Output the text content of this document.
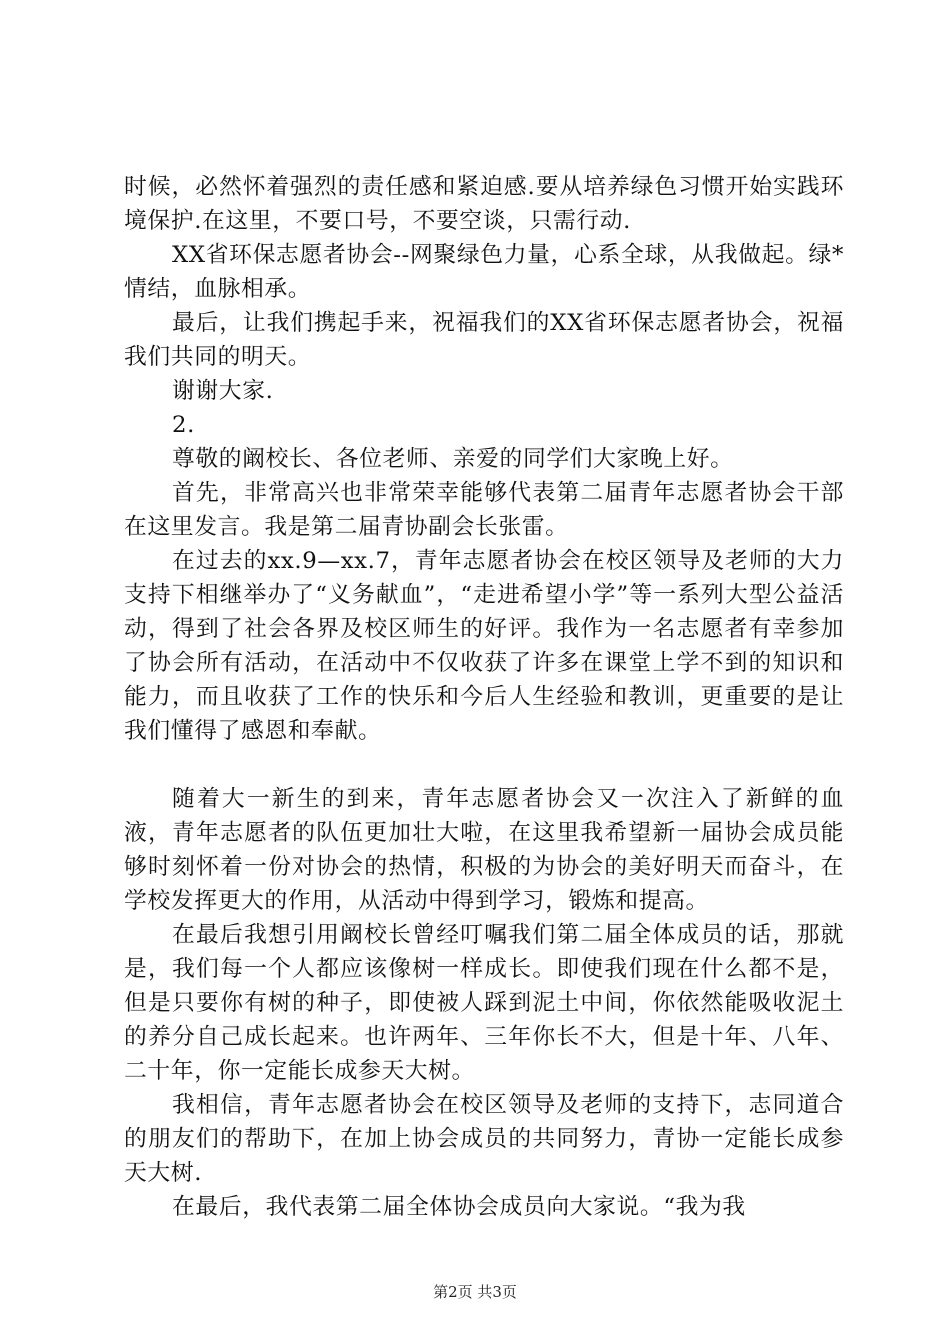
时候，必然怀着强烈的责任感和紧迫感.要从培养绿色习惯开始实践环境保护.在这里，不要口号，不要空谈，只需行动.

XX省环保志愿者协会--网聚绿色力量，心系全球，从我做起。绿*情结，血脉相承。

最后，让我们携起手来，祝福我们的XX省环保志愿者协会，祝福我们共同的明天。

谢谢大家.

2.

尊敬的阚校长、各位老师、亲爱的同学们大家晚上好。

首先，非常高兴也非常荣幸能够代表第二届青年志愿者协会干部在这里发言。我是第二届青协副会长张雷。

在过去的xx.9—xx.7，青年志愿者协会在校区领导及老师的大力支持下相继举办了“义务献血”，“走进希望小学”等一系列大型公益活动，得到了社会各界及校区师生的好评。我作为一名志愿者有幸参加了协会所有活动，在活动中不仅收获了许多在课堂上学不到的知识和能力，而且收获了工作的快乐和今后人生经验和教训，更重要的是让我们懂得了感恩和奉献。

随着大一新生的到来，青年志愿者协会又一次注入了新鲜的血液，青年志愿者的队伍更加壮大啦，在这里我希望新一届协会成员能够时刻怀着一份对协会的热情，积极的为协会的美好明天而奋斗，在学校发挥更大的作用，从活动中得到学习，锻炼和提高。

在最后我想引用阚校长曾经叮嘱我们第二届全体成员的话，那就是，我们每一个人都应该像树一样成长。即使我们现在什么都不是，但是只要你有树的种子，即使被人踩到泥土中间，你依然能吸收泥土的养分自己成长起来。也许两年、三年你长不大，但是十年、八年、二十年，你一定能长成参天大树。

我相信，青年志愿者协会在校区领导及老师的支持下，志同道合的朋友们的帮助下，在加上协会成员的共同努力，青协一定能长成参天大树.

在最后，我代表第二届全体协会成员向大家说。“我为我

第2页 共3页
